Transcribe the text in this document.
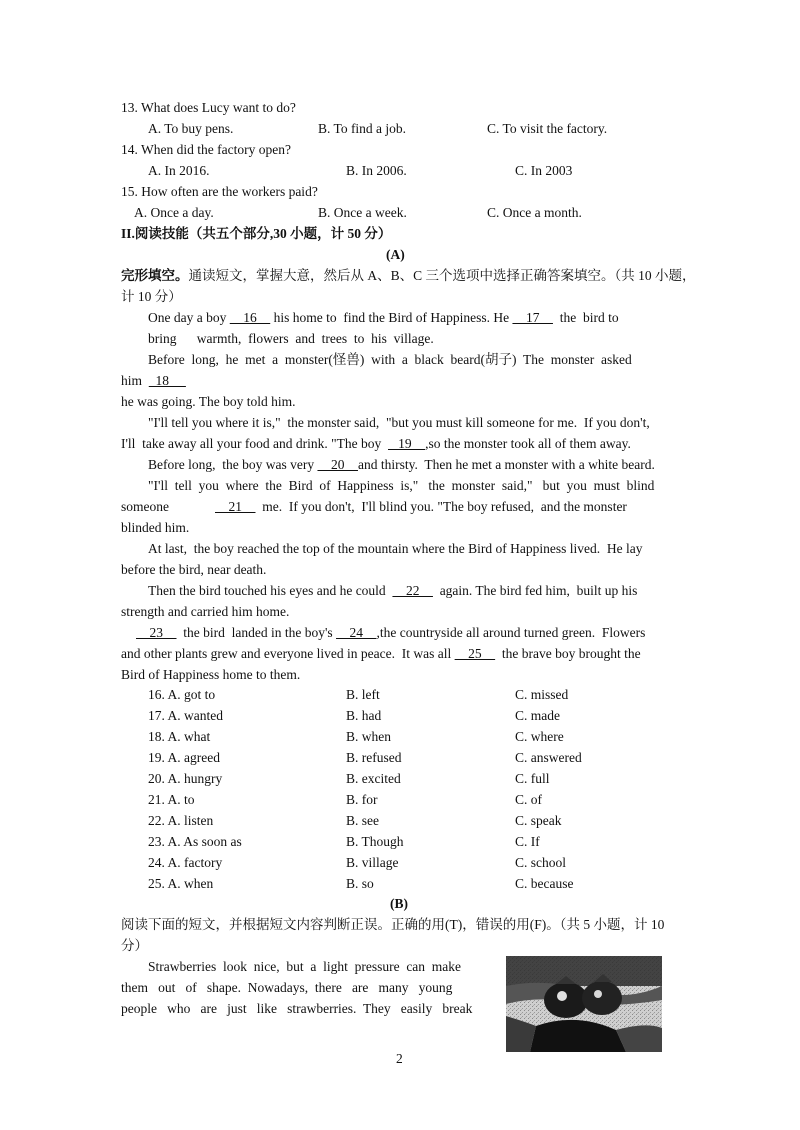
13. What does Lucy want to do?
A. To buy pens.	B. To find a job.	C. To visit the factory.
14. When did the factory open?
A. In 2016.	B. In 2006.	C. In 2003
15. How often are the workers paid?
A. Once a day.	B. Once a week.	C. Once a month.
II.阅读技能（共五个部分,30 小题，计 50 分）
(A)
完形填空。通读短文，掌握大意，然后从 A、B、C 三个选项中选择正确答案填空。（共 10 小题，
计 10 分）
One day a boy     16     his home to  find the Bird of Happiness. He     17      the  bird to
bring      warmth,  flowers  and  trees  to  his  village.
Before  long,  he  met  a  monster(怪兽)  with  a  black  beard(胡子)  The  monster  asked
him    18
he was going. The boy told him.
"I'll tell you where it is,"  the monster said,  "but you must kill someone for me.  If you don't,
I'll  take away all your food and drink. "The boy     19    ,so the monster took all of them away.
Before long,  the boy was very     20    and thirsty.  Then he met a monster with a white beard.
"I'll  tell  you  where  the  Bird  of  Happiness  is,"   the  monster  said,"   but  you  must  blind
someone	21      me.  If you don't,  I'll blind you. "The boy refused,  and the monster
blinded him.
At last,  the boy reached the top of the mountain where the Bird of Happiness lived.  He lay
before the bird, near death.
Then the bird touched his eyes and he could      22      again. The bird fed him,  built up his
strength and carried him home.
23      the bird  landed in the boy's     24    ,the countryside all around turned green.  Flowers
and other plants grew and everyone lived in peace.  It was all     25      the brave boy brought the
Bird of Happiness home to them.
16. A. got to	B. left	C. missed
17. A. wanted	B. had	C. made
18. A. what	B. when	C. where
19. A. agreed	B. refused	C. answered
20. A. hungry	B. excited	C. full
21. A. to	B. for	C. of
22. A. listen	B. see	C. speak
23. A. As soon as	B. Though	C. If
24. A. factory	B. village	C. school
25. A. when	B. so	C. because
(B)
阅读下面的短文，并根据短文内容判断正误。正确的用(T)，错误的用(F)。（共 5 小题，计 10
分）
Strawberries  look  nice,  but  a  light  pressure  can  make
them   out   of   shape.  Nowadays,  there   are   many   young
people   who   are   just   like   strawberries.  They   easily   break
2
